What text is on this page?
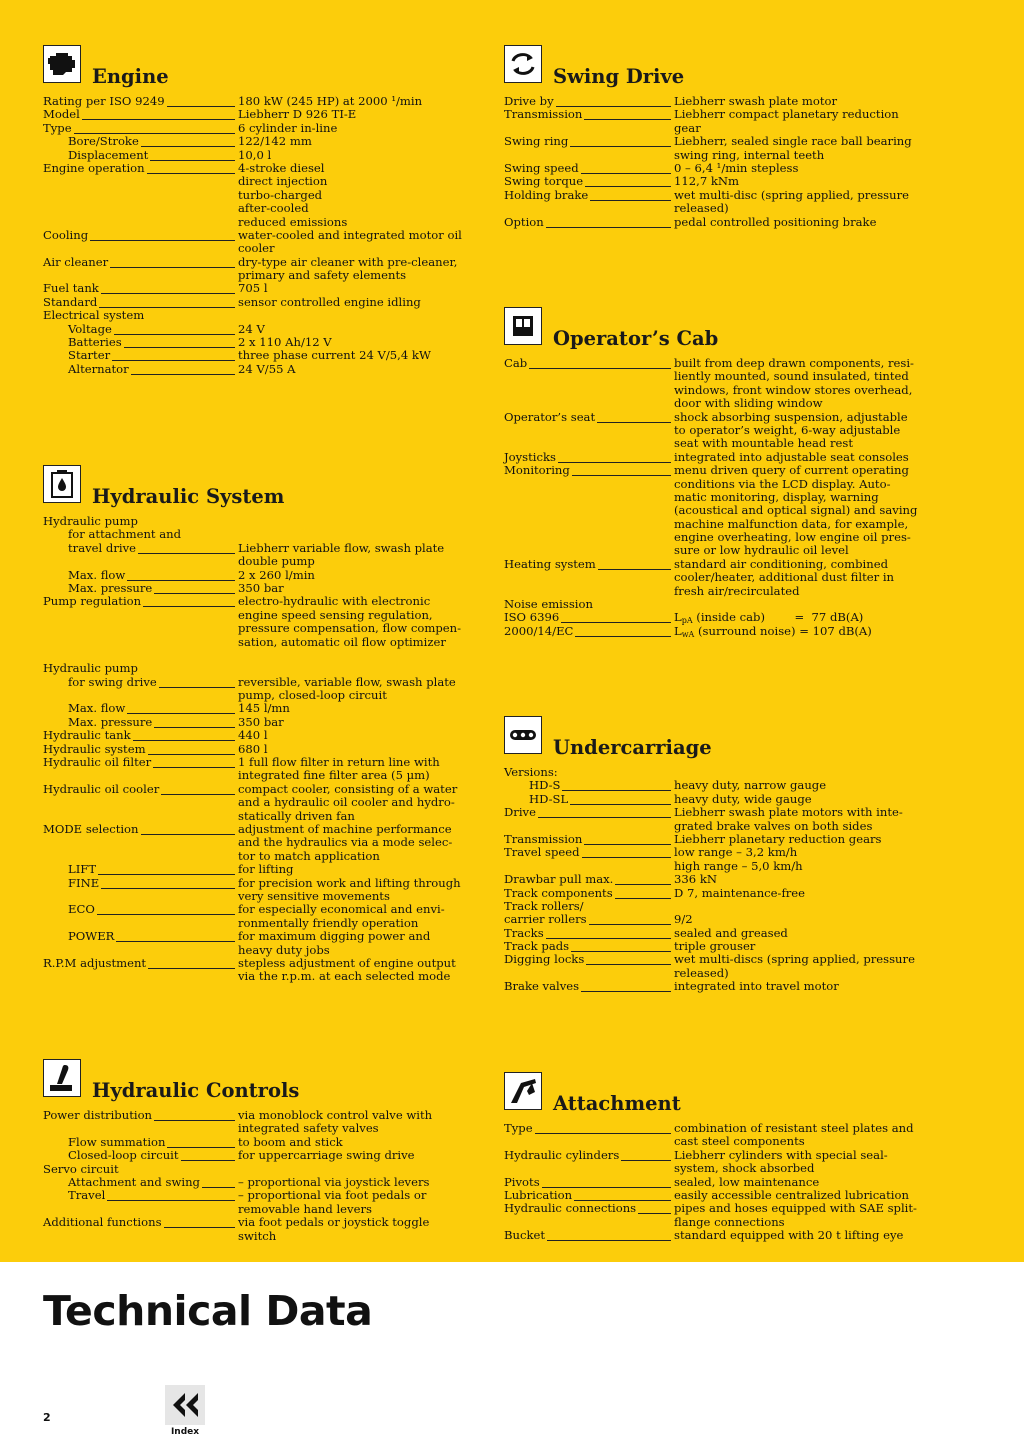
Engine
Rating per ISO 9249	180 kW (245 HP) at 2000 ¹/min
Model	Liebherr D 926 TI-E
Type	6 cylinder in-line
Bore/Stroke	122/142 mm
Displacement	10,0 l
Engine operation	4-stroke diesel
direct injection
turbo-charged
after-cooled
reduced emissions
Cooling	water-cooled and integrated motor oil
cooler
Air cleaner	dry-type air cleaner with pre-cleaner,
primary and safety elements
Fuel tank	705 l
Standard	sensor controlled engine idling
Electrical system
Voltage	24 V
Batteries	2 x 110 Ah/12 V
Starter	three phase current 24 V/5,4 kW
Alternator	24 V/55 A
Hydraulic System
Hydraulic pump
for attachment and
travel drive	Liebherr variable flow, swash plate
double pump
Max. flow	2 x 260 l/min
Max. pressure	350 bar
Pump regulation	electro-hydraulic with electronic
engine speed sensing regulation,
pressure compensation, flow compen-
sation, automatic oil flow optimizer
Hydraulic pump
for swing drive	reversible, variable flow, swash plate
pump, closed-loop circuit
Max. flow	145 l/mn
Max. pressure	350 bar
Hydraulic tank	440 l
Hydraulic system	680 l
Hydraulic oil filter	1 full flow filter in return line with
integrated fine filter area (5 µm)
Hydraulic oil cooler	compact cooler, consisting of a water
and a hydraulic oil cooler and hydro-
statically driven fan
MODE selection	adjustment of machine performance
and the hydraulics via a mode selec-
tor to match application
LIFT	for lifting
FINE	for precision work and lifting through
very sensitive movements
ECO	for especially economical and envi-
ronmentally friendly operation
POWER	for maximum digging power and
heavy duty jobs
R.P.M adjustment	stepless adjustment of engine output
via the r.p.m. at each selected mode
Hydraulic Controls
Power distribution	via monoblock control valve with
integrated safety valves
Flow summation	to boom and stick
Closed-loop circuit	for uppercarriage swing drive
Servo circuit
Attachment and swing	– proportional via joystick levers
Travel	– proportional via foot pedals or
removable hand levers
Additional functions	via foot pedals or joystick toggle
switch
Swing Drive
Drive by	Liebherr swash plate motor
Transmission	Liebherr compact planetary reduction
gear
Swing ring	Liebherr, sealed single race ball bearing
swing ring, internal teeth
Swing speed	0 – 6,4 ¹/min stepless
Swing torque	112,7 kNm
Holding brake	wet multi-disc (spring applied, pressure
released)
Option	pedal controlled positioning brake
Operator’s Cab
Cab	built from deep drawn components, resi-
liently mounted, sound insulated, tinted
windows, front window stores overhead,
door with sliding window
Operator’s seat	shock absorbing suspension, adjustable
to operator’s weight, 6-way adjustable
seat with mountable head rest
Joysticks	integrated into adjustable seat consoles
Monitoring	menu driven query of current operating
conditions via the LCD display. Auto-
matic monitoring, display, warning
(acoustical and optical signal) and saving
machine malfunction data, for example,
engine overheating, low engine oil pres-
sure or low hydraulic oil level
Heating system	standard air conditioning, combined
cooler/heater, additional dust filter in
fresh air/recirculated
Noise emission
ISO 6396	$L_{pA}$ (inside cab)        =  77 dB(A)
2000/14/EC	$L_{wA}$ (surround noise) = 107 dB(A)
Undercarriage
Versions:
HD-S	heavy duty, narrow gauge
HD-SL	heavy duty, wide gauge
Drive	Liebherr swash plate motors with inte-
grated brake valves on both sides
Transmission	Liebherr planetary reduction gears
Travel speed	low range – 3,2 km/h
high range – 5,0 km/h
Drawbar pull max.	336 kN
Track components	D 7, maintenance-free
Track rollers/
carrier rollers	9/2
Tracks	sealed and greased
Track pads	triple grouser
Digging locks	wet multi-discs (spring applied, pressure
released)
Brake valves	integrated into travel motor
Attachment
Type	combination of resistant steel plates and
cast steel components
Hydraulic cylinders	Liebherr cylinders with special seal-
system, shock absorbed
Pivots	sealed, low maintenance
Lubrication	easily accessible centralized lubrication
Hydraulic connections	pipes and hoses equipped with SAE split-
flange connections
Bucket	standard equipped with 20 t lifting eye
Technical Data
2
Index
